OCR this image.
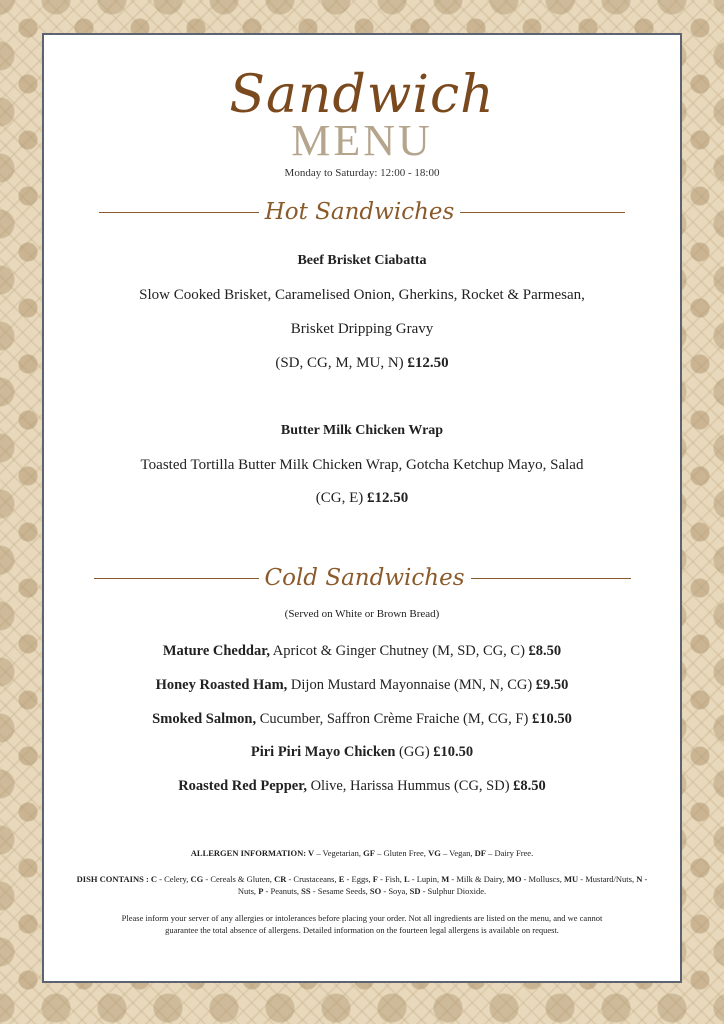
Sandwich
MENU
Monday to Saturday: 12:00 - 18:00
Hot Sandwiches
Beef Brisket Ciabatta
Slow Cooked Brisket, Caramelised Onion, Gherkins, Rocket & Parmesan,
Brisket Dripping Gravy
(SD, CG, M, MU, N) £12.50
Butter Milk Chicken Wrap
Toasted Tortilla Butter Milk Chicken Wrap, Gotcha Ketchup Mayo, Salad
(CG, E) £12.50
Cold Sandwiches
(Served on White or Brown Bread)
Mature Cheddar, Apricot & Ginger Chutney (M, SD, CG, C) £8.50
Honey Roasted Ham, Dijon Mustard Mayonnaise (MN, N, CG) £9.50
Smoked Salmon, Cucumber, Saffron Crème Fraiche (M, CG, F) £10.50
Piri Piri Mayo Chicken (GG) £10.50
Roasted Red Pepper, Olive, Harissa Hummus (CG, SD) £8.50
ALLERGEN INFORMATION: V – Vegetarian, GF – Gluten Free, VG – Vegan, DF – Dairy Free.
DISH CONTAINS : C - Celery, CG - Cereals & Gluten, CR - Crustaceans, E - Eggs, F - Fish, L - Lupin, M - Milk & Dairy, MO - Molluscs, MU - Mustard/Nuts, N - Nuts, P - Peanuts, SS - Sesame Seeds, SO - Soya, SD - Sulphur Dioxide.
Please inform your server of any allergies or intolerances before placing your order. Not all ingredients are listed on the menu, and we cannot guarantee the total absence of allergens. Detailed information on the fourteen legal allergens is available on request.
